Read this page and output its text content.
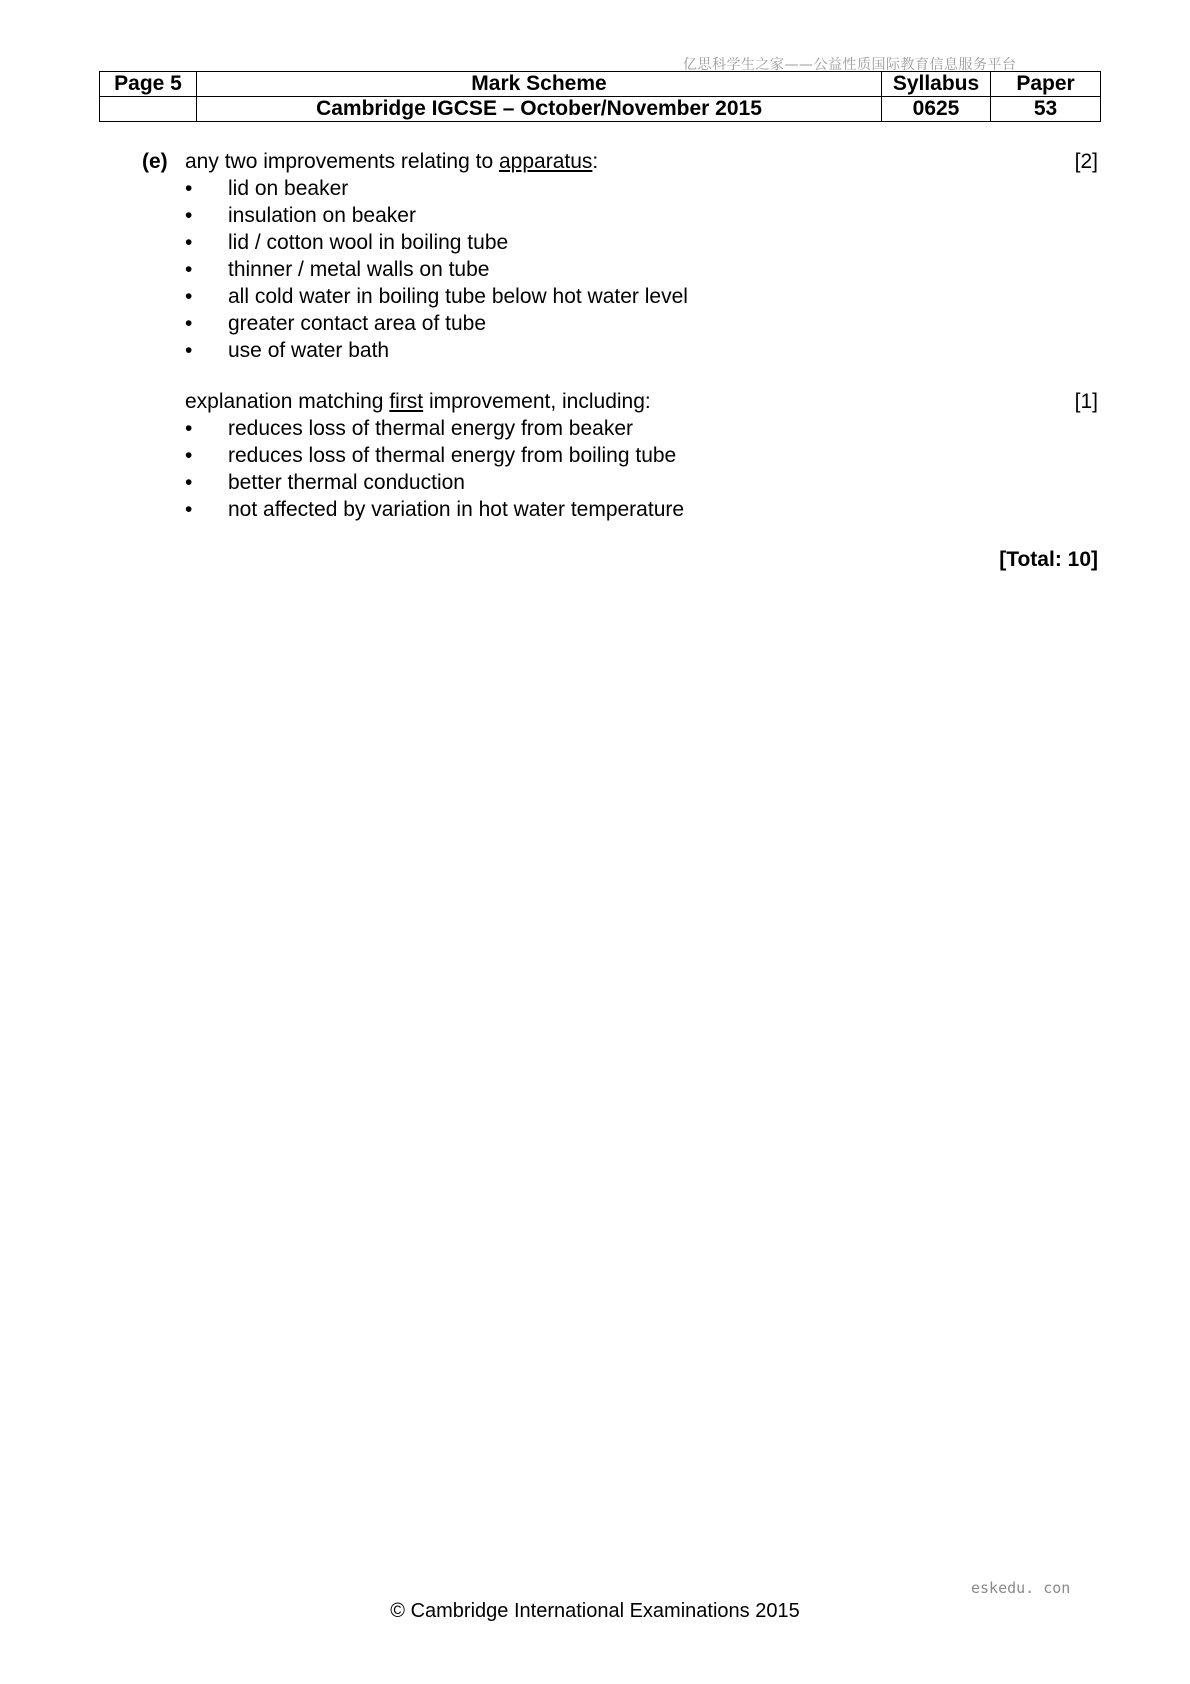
亿思科学生之家——公益性质国际教育信息服务平台
Page 5	Mark Scheme	Syllabus	Paper
	Cambridge IGCSE – October/November 2015	0625	53
(e) any two improvements relating to apparatus:	[2]
• lid on beaker
• insulation on beaker
• lid / cotton wool in boiling tube
• thinner / metal walls on tube
• all cold water in boiling tube below hot water level
• greater contact area of tube
• use of water bath
explanation matching first improvement, including:	[1]
• reduces loss of thermal energy from beaker
• reduces loss of thermal energy from boiling tube
• better thermal conduction
• not affected by variation in hot water temperature
[Total: 10]
eskedu. con
© Cambridge International Examinations 2015
